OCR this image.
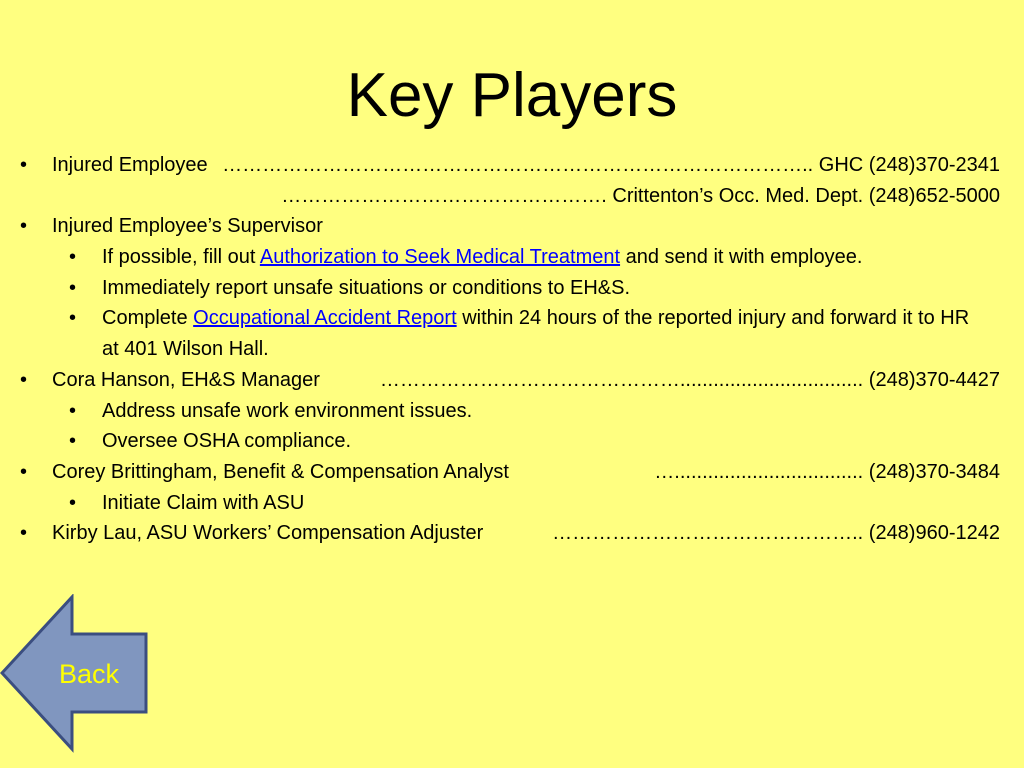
Key Players
•	Injured Employee …………………………………………………………………………….. GHC (248)370-2341
…………………………………………. Crittenton’s Occ. Med. Dept. (248)652-5000
•	Injured Employee’s Supervisor
•	If possible, fill out Authorization to Seek Medical Treatment and send it with employee.
•	Immediately report unsafe situations or conditions to EH&S.
•	Complete Occupational Accident Report within 24 hours of the reported injury and forward it to HR at 401 Wilson Hall.
•	Cora Hanson, EH&S Manager	………………………………………................................. (248)370-4427
•	Address unsafe work environment issues.
•	Oversee OSHA compliance.
•	Corey Brittingham, Benefit & Compensation Analyst	….................................. (248)370-3484
•	Initiate Claim with ASU
•	Kirby Lau, ASU Workers’ Compensation Adjuster	……………………………………….. (248)960-1242
Back
